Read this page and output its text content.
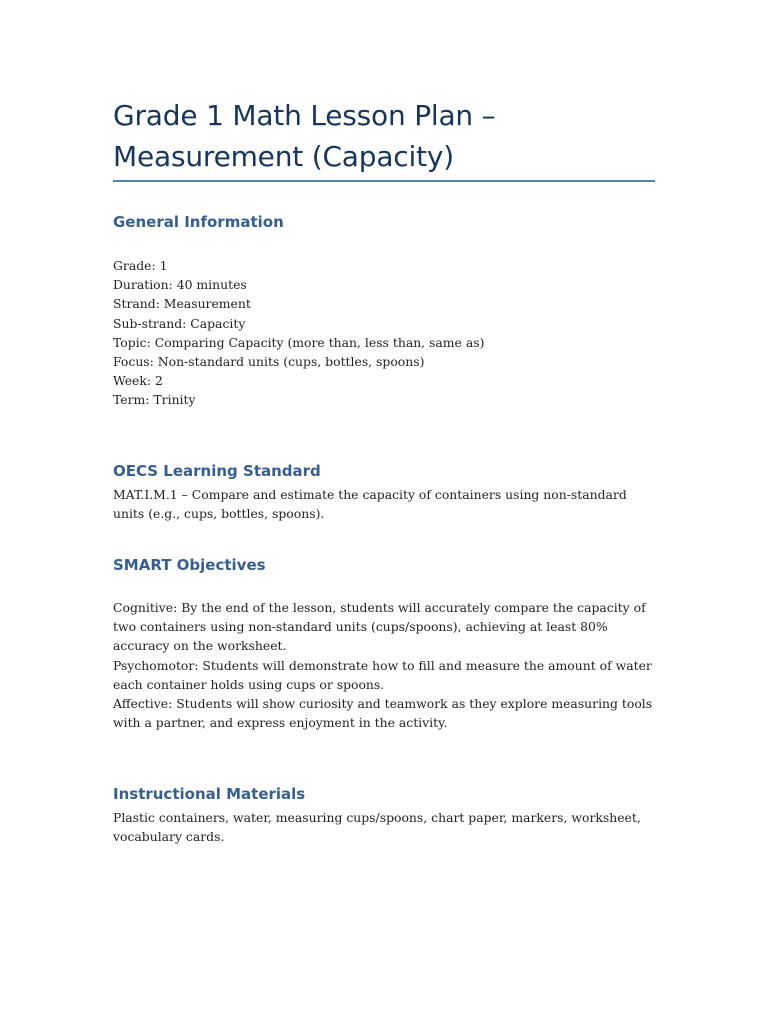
Grade 1 Math Lesson Plan –
Measurement (Capacity)
General Information
Grade: 1
Duration: 40 minutes
Strand: Measurement
Sub-strand: Capacity
Topic: Comparing Capacity (more than, less than, same as)
Focus: Non-standard units (cups, bottles, spoons)
Week: 2
Term: Trinity
OECS Learning Standard
MAT.I.M.1 – Compare and estimate the capacity of containers using non-standard units (e.g., cups, bottles, spoons).
SMART Objectives
Cognitive: By the end of the lesson, students will accurately compare the capacity of two containers using non-standard units (cups/spoons), achieving at least 80% accuracy on the worksheet.
Psychomotor: Students will demonstrate how to fill and measure the amount of water each container holds using cups or spoons.
Affective: Students will show curiosity and teamwork as they explore measuring tools with a partner, and express enjoyment in the activity.
Instructional Materials
Plastic containers, water, measuring cups/spoons, chart paper, markers, worksheet, vocabulary cards.
